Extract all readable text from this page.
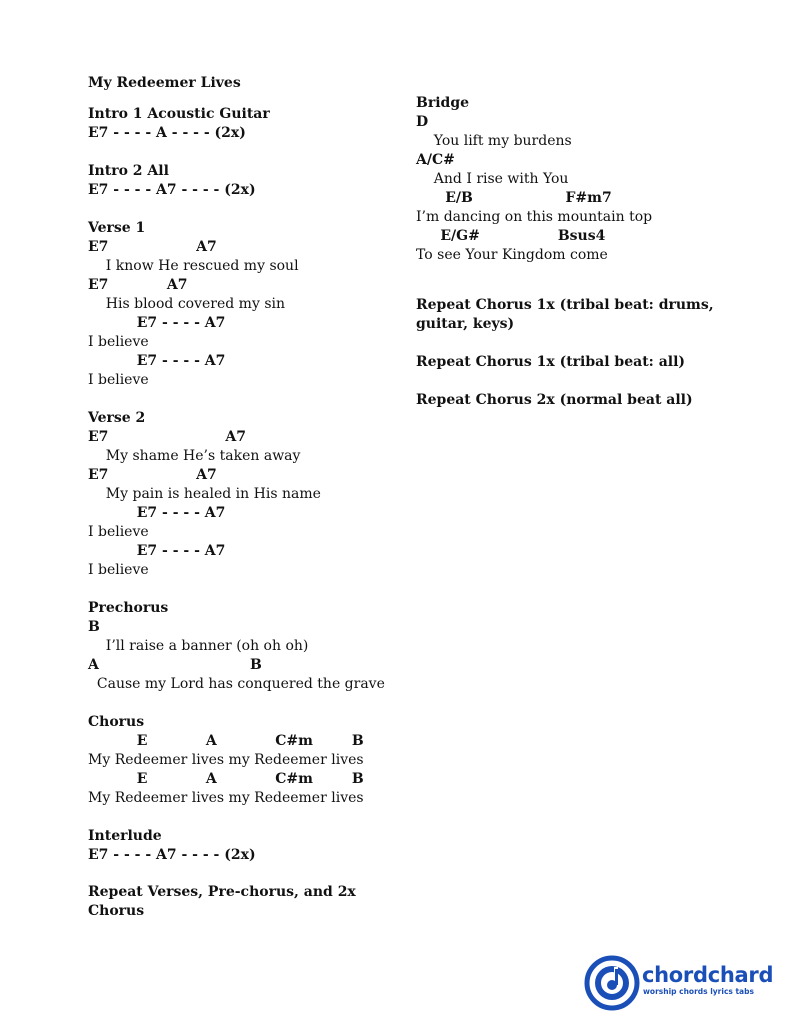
My Redeemer Lives
Intro 1 Acoustic Guitar
E7 - - - - A - - - - (2x)
Intro 2 All
E7 - - - - A7 - - - - (2x)
Verse 1
E7                  A7
I know He rescued my soul
E7            A7
His blood covered my sin
E7 - - - - A7
I believe
E7 - - - - A7
I believe
Verse 2
E7                        A7
My shame He’s taken away
E7                  A7
My pain is healed in His name
E7 - - - - A7
I believe
E7 - - - - A7
I believe
Prechorus
B
I’ll raise a banner (oh oh oh)
A                               B
Cause my Lord has conquered the grave
Chorus
E            A            C#m        B
My Redeemer lives my Redeemer lives
E            A            C#m        B
My Redeemer lives my Redeemer lives
Interlude
E7 - - - - A7 - - - - (2x)
Repeat Verses, Pre-chorus, and 2x
Chorus
Bridge
D
You lift my burdens
A/C#
And I rise with You
E/B                   F#m7
I’m dancing on this mountain top
E/G#                Bsus4
To see Your Kingdom come
Repeat Chorus 1x (tribal beat: drums,
guitar, keys)
Repeat Chorus 1x (tribal beat: all)
Repeat Chorus 2x (normal beat all)
chordchard
worship chords lyrics tabs
